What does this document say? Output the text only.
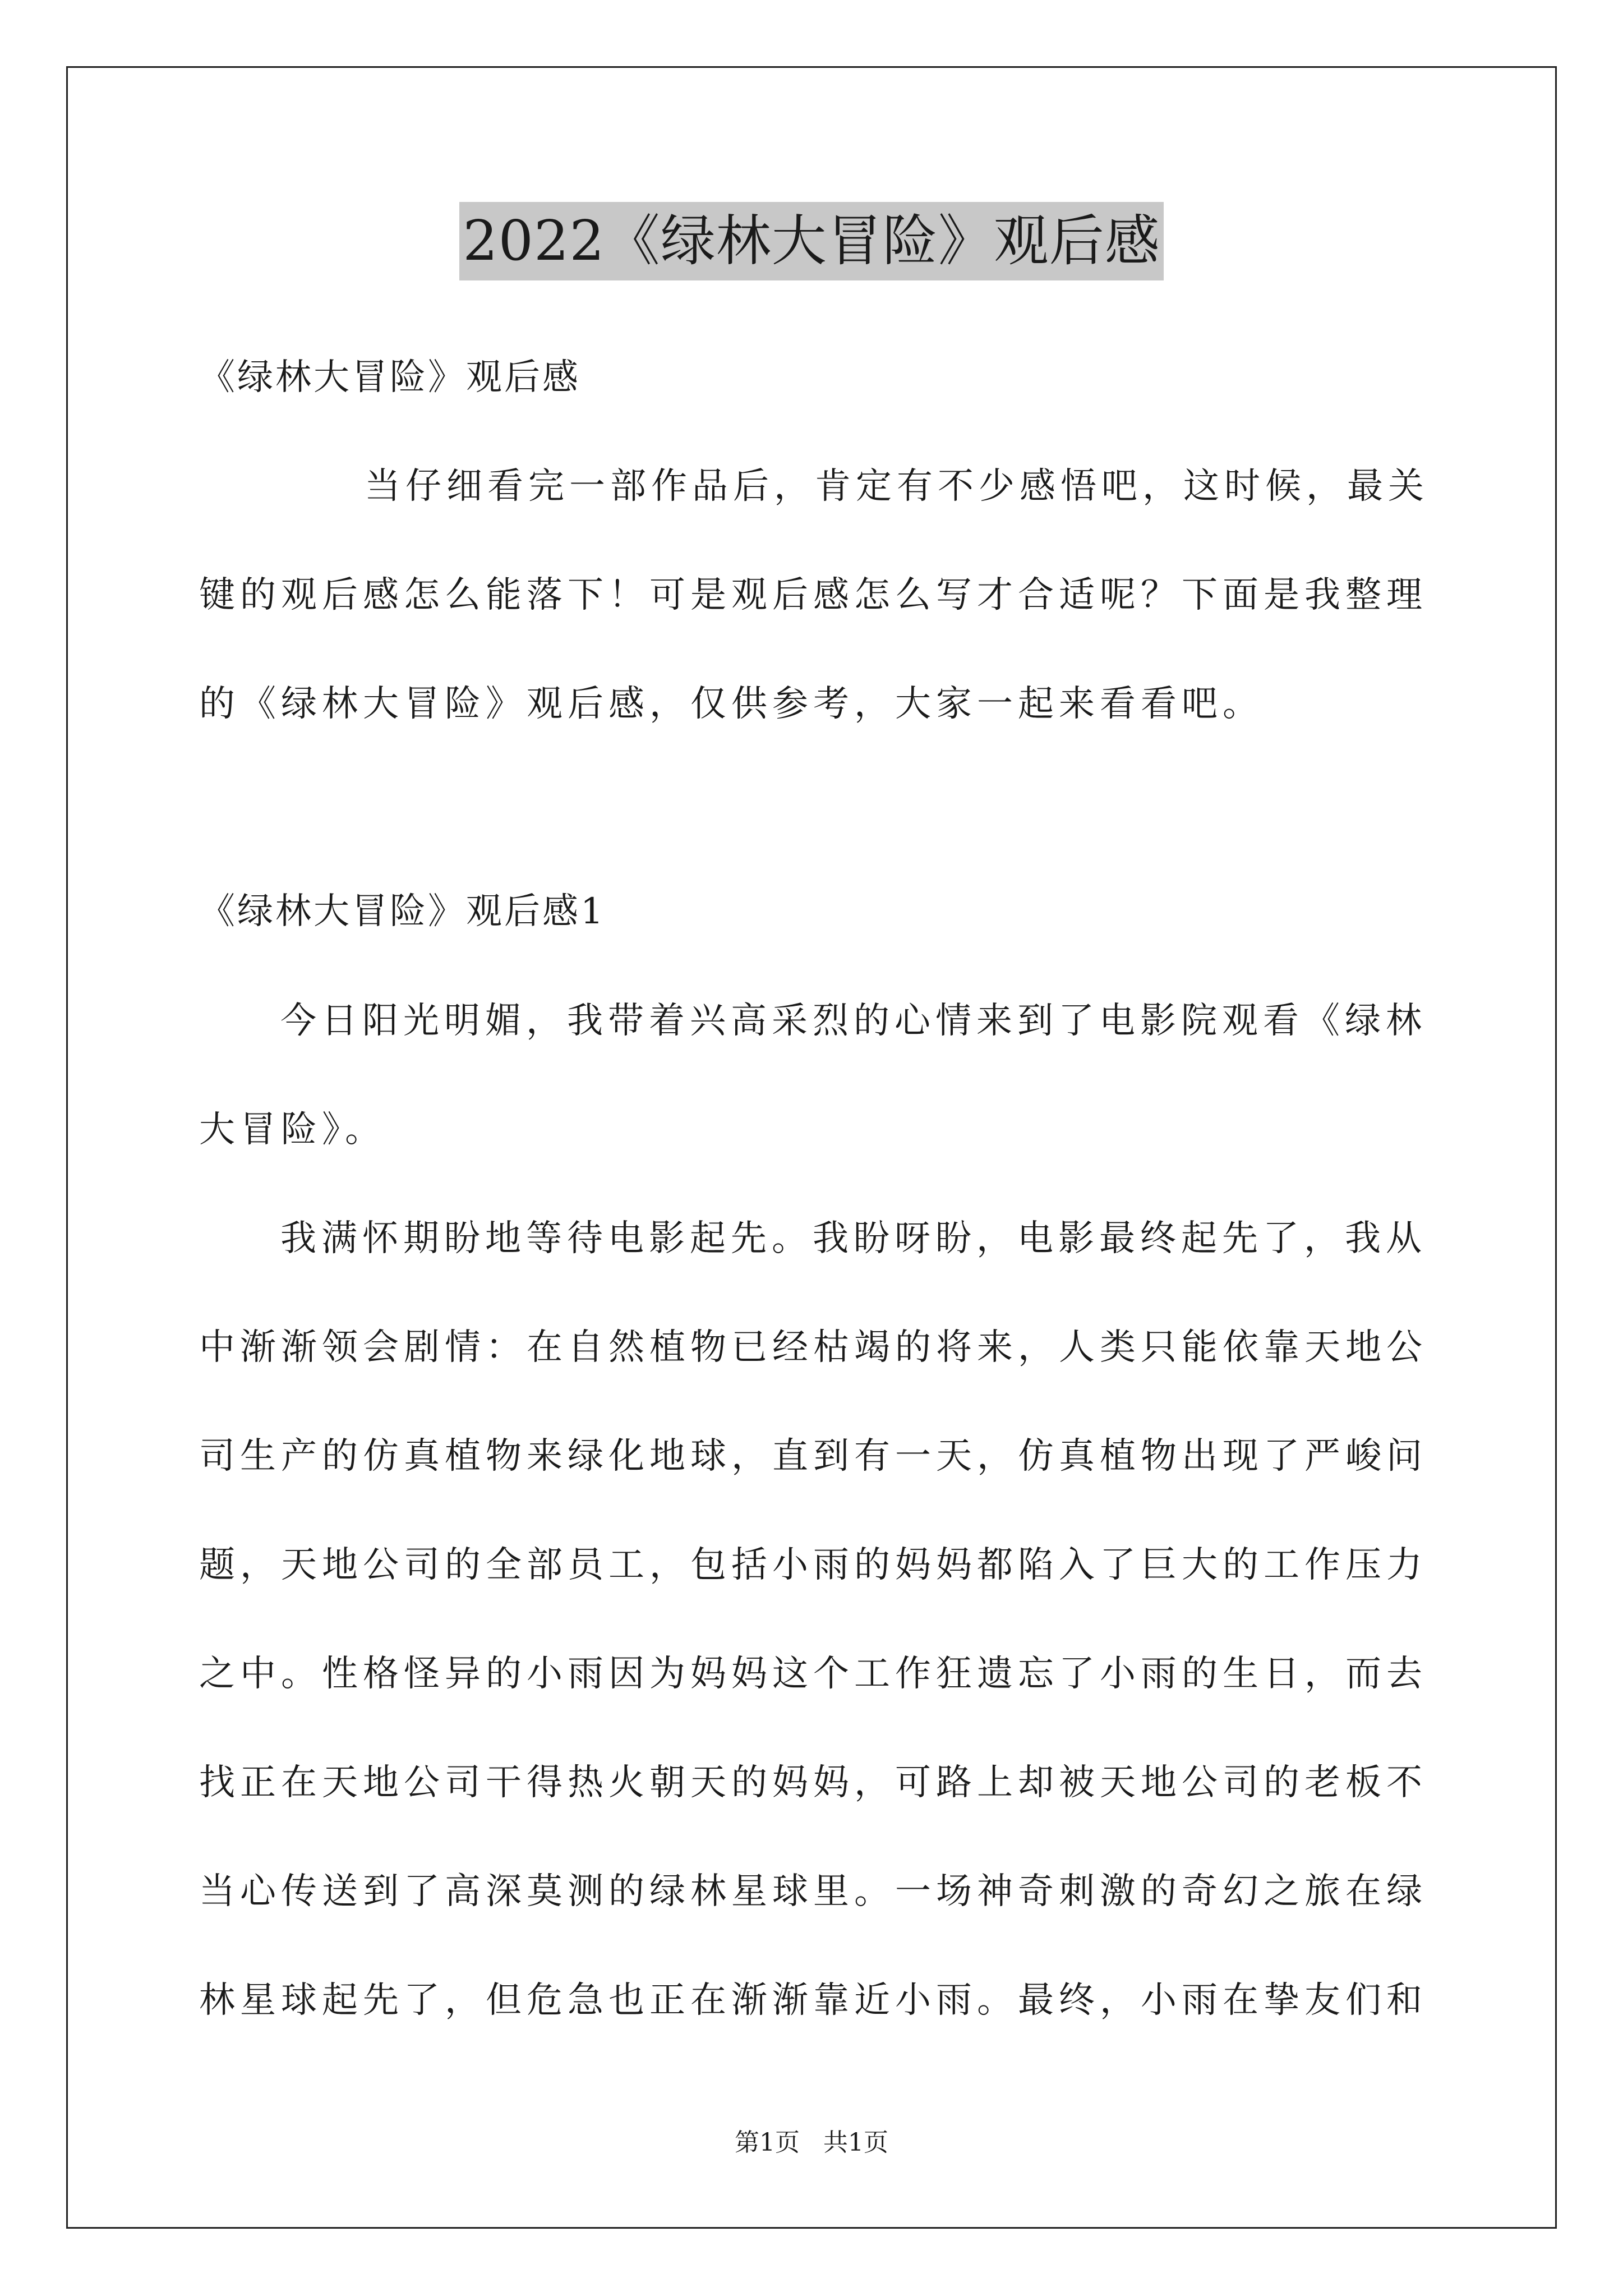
2022《绿林大冒险》观后感
《绿林大冒险》观后感
当仔细看完一部作品后，肯定有不少感悟吧，这时候，最关
键的观后感怎么能落下！可是观后感怎么写才合适呢？下面是我整理
的《绿林大冒险》观后感，仅供参考，大家一起来看看吧。
《绿林大冒险》观后感1
今日阳光明媚，我带着兴高采烈的心情来到了电影院观看《绿林
大冒险》。
我满怀期盼地等待电影起先。我盼呀盼，电影最终起先了，我从
中渐渐领会剧情：在自然植物已经枯竭的将来，人类只能依靠天地公
司生产的仿真植物来绿化地球，直到有一天，仿真植物出现了严峻问
题，天地公司的全部员工，包括小雨的妈妈都陷入了巨大的工作压力
之中。性格怪异的小雨因为妈妈这个工作狂遗忘了小雨的生日，而去
找正在天地公司干得热火朝天的妈妈，可路上却被天地公司的老板不
当心传送到了高深莫测的绿林星球里。一场神奇刺激的奇幻之旅在绿
林星球起先了，但危急也正在渐渐靠近小雨。最终，小雨在挚友们和
第1页 共1页
